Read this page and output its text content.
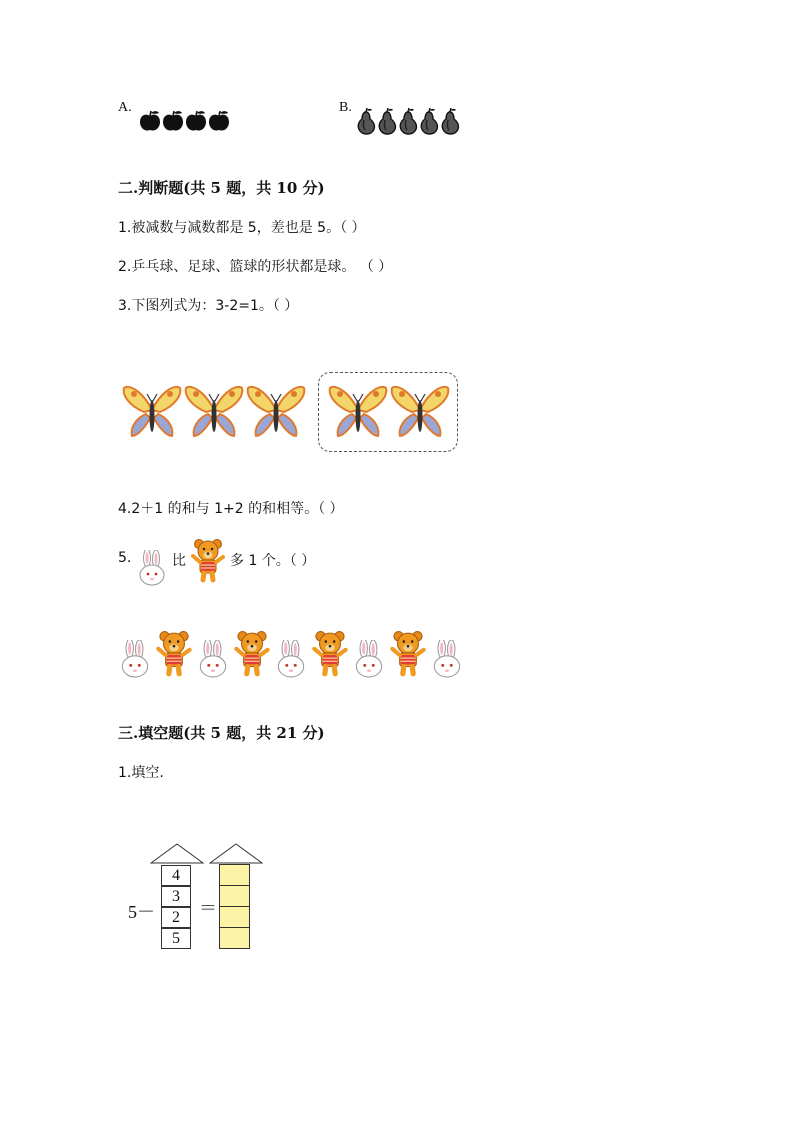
A.	B.
二.判断题(共 5 题，共 10 分)
1.被减数与减数都是 5，差也是 5。（ ）
2.乒乓球、足球、篮球的形状都是球。 （ ）
3.下图列式为：3-2=1。（ ）
4.2＋1 的和与 1+2 的和相等。（ ）
5.	比	多 1 个。（ ）
三.填空题(共 5 题，共 21 分)
1.填空.
5－ ＝
4
3
2
5
